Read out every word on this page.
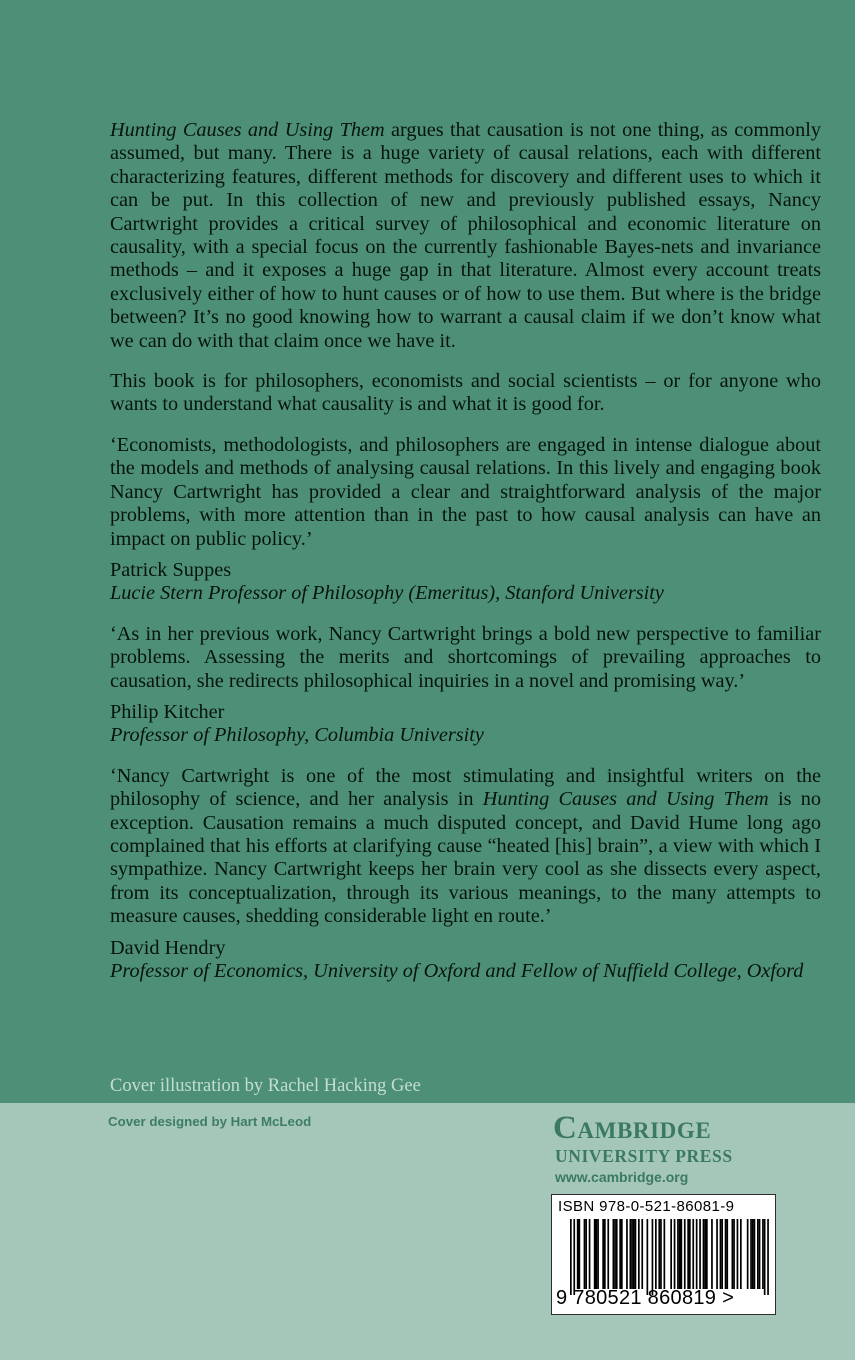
Hunting Causes and Using Them argues that causation is not one thing, as commonly assumed, but many. There is a huge variety of causal relations, each with different characterizing features, different methods for discovery and different uses to which it can be put. In this collection of new and previously published essays, Nancy Cartwright provides a critical survey of philosophical and economic literature on causality, with a special focus on the currently fashionable Bayes-nets and invariance methods – and it exposes a huge gap in that literature. Almost every account treats exclusively either of how to hunt causes or of how to use them. But where is the bridge between? It’s no good knowing how to warrant a causal claim if we don’t know what we can do with that claim once we have it.

This book is for philosophers, economists and social scientists – or for anyone who wants to understand what causality is and what it is good for.

‘Economists, methodologists, and philosophers are engaged in intense dialogue about the models and methods of analysing causal relations. In this lively and engaging book Nancy Cartwright has provided a clear and straightforward analysis of the major problems, with more attention than in the past to how causal analysis can have an impact on public policy.’

Patrick Suppes

Lucie Stern Professor of Philosophy (Emeritus), Stanford University

‘As in her previous work, Nancy Cartwright brings a bold new perspective to familiar problems. Assessing the merits and shortcomings of prevailing approaches to causation, she redirects philosophical inquiries in a novel and promising way.’

Philip Kitcher

Professor of Philosophy, Columbia University

‘Nancy Cartwright is one of the most stimulating and insightful writers on the philosophy of science, and her analysis in Hunting Causes and Using Them is no exception. Causation remains a much disputed concept, and David Hume long ago complained that his efforts at clarifying cause “heated [his] brain”, a view with which I sympathize. Nancy Cartwright keeps her brain very cool as she dissects every aspect, from its conceptualization, through its various meanings, to the many attempts to measure causes, shedding considerable light en route.’

David Hendry

Professor of Economics, University of Oxford and Fellow of Nuffield College, Oxford

Cover illustration by Rachel Hacking Gee
Cover designed by Hart McLeod	Cambridge
UNIVERSITY PRESS
www.cambridge.org
ISBN 978-0-521-86081-9
9 780521 860819 >
